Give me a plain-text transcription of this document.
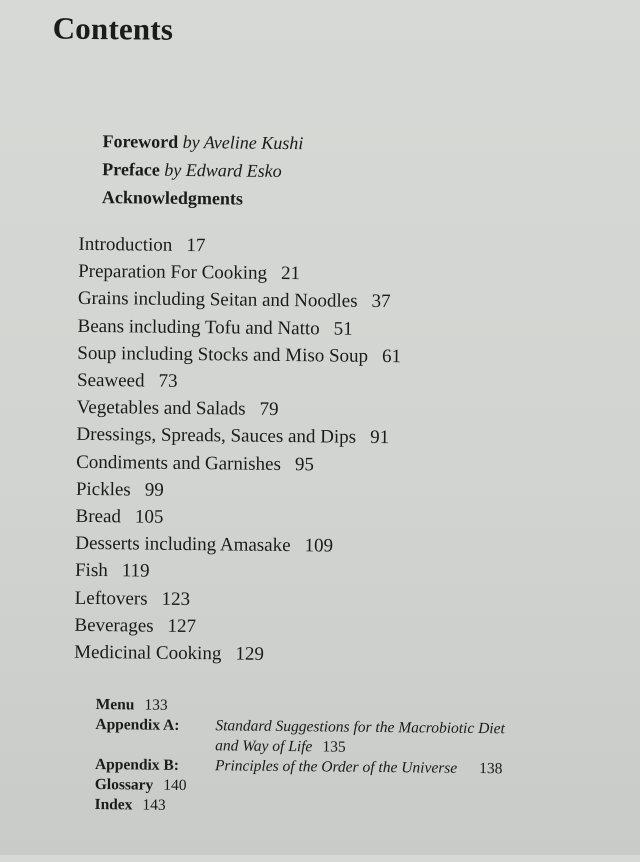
Contents
Foreword by Aveline Kushi
Preface by Edward Esko
Acknowledgments
Introduction 17
Preparation For Cooking 21
Grains including Seitan and Noodles 37
Beans including Tofu and Natto 51
Soup including Stocks and Miso Soup 61
Seaweed 73
Vegetables and Salads 79
Dressings, Spreads, Sauces and Dips 91
Condiments and Garnishes 95
Pickles 99
Bread 105
Desserts including Amasake 109
Fish 119
Leftovers 123
Beverages 127
Medicinal Cooking 129
Menu 133
Appendix A:	Standard Suggestions for the Macrobiotic Diet
and Way of Life 135
Appendix B:	Principles of the Order of the Universe 138
Glossary 140
Index 143
